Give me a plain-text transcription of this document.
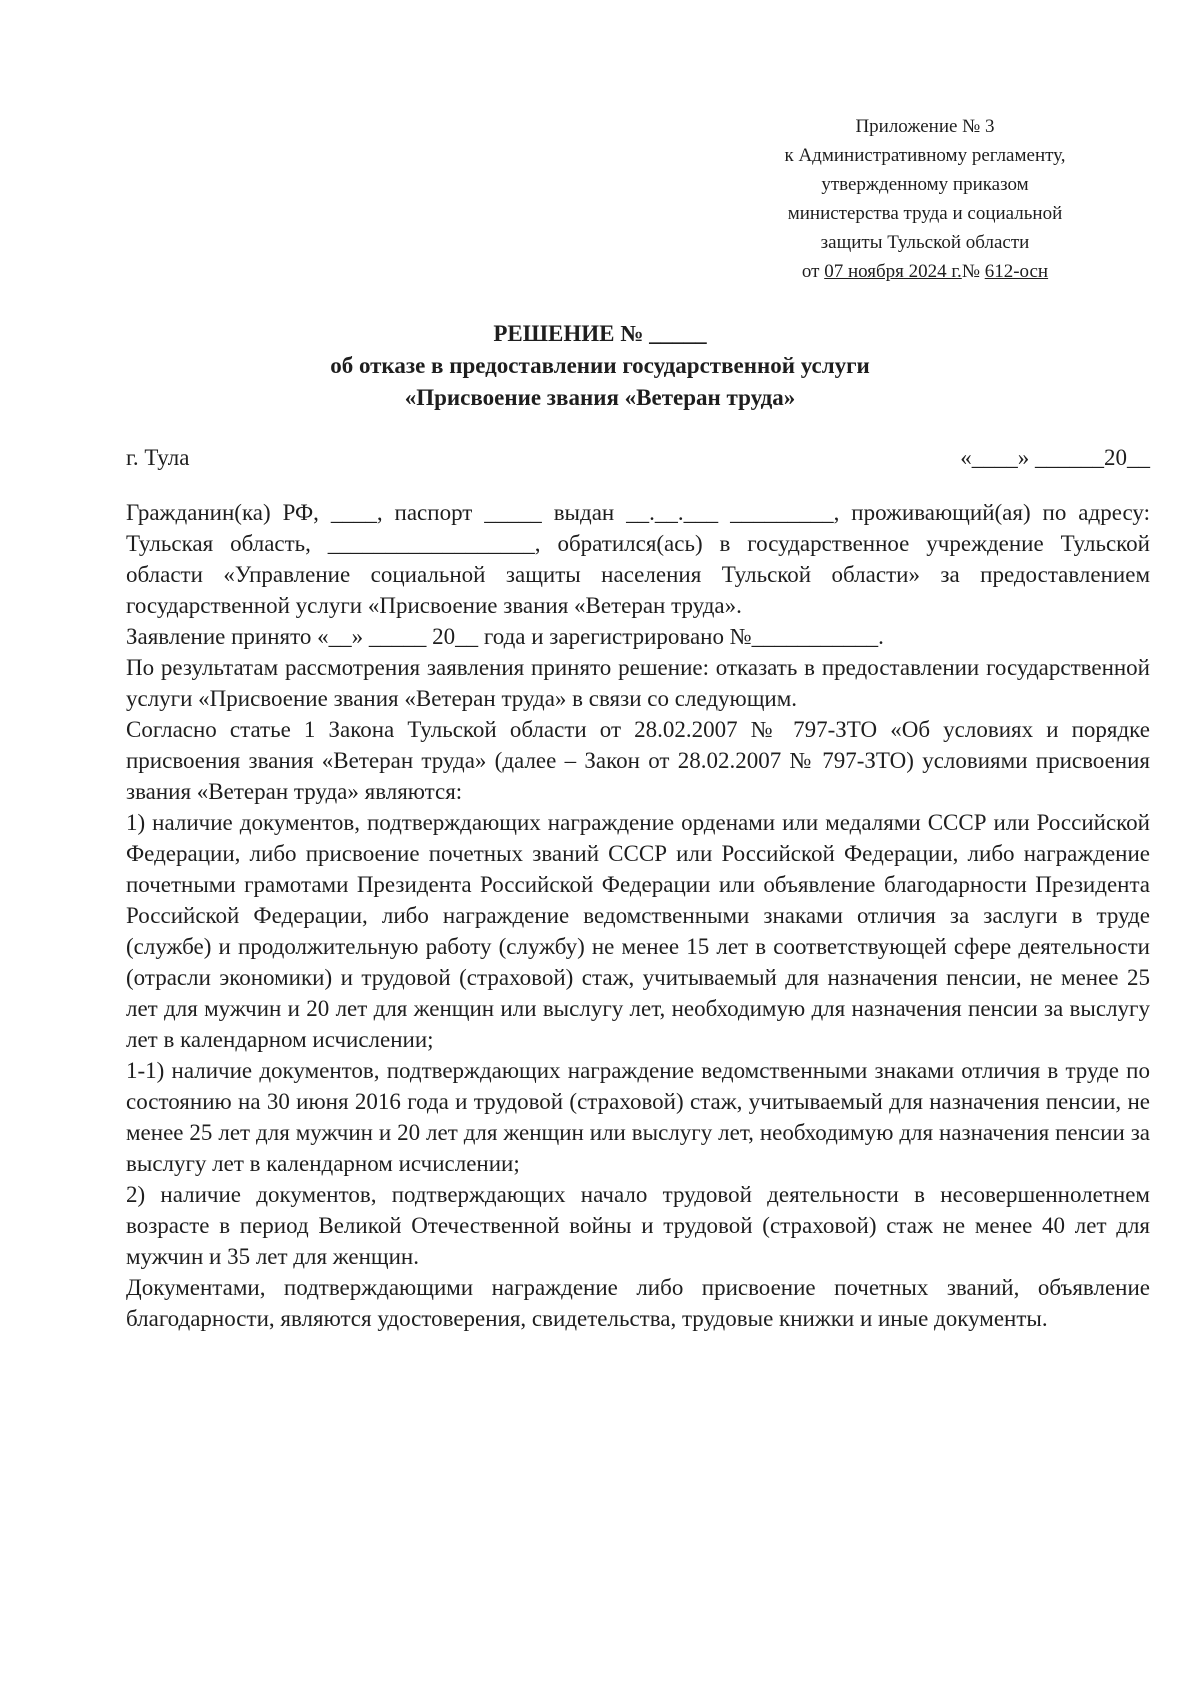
Приложение № 3
к Административному регламенту,
утвержденному приказом
министерства труда и социальной
защиты Тульской области
от 07 ноября 2024 г.№ 612-осн
РЕШЕНИЕ № _____
об отказе в предоставлении государственной услуги
«Присвоение звания «Ветеран труда»
г. Тула	«____» ______20__

Гражданин(ка) РФ, ____, паспорт _____ выдан __.__.___ _________, проживающий(ая) по адресу: Тульская область, __________________, обратился(ась) в государственное учреждение Тульской области «Управление социальной защиты населения Тульской области» за предоставлением государственной услуги «Присвоение звания «Ветеран труда».

Заявление принято «__» _____ 20__ года и зарегистрировано №___________.

По результатам рассмотрения заявления принято решение: отказать в предоставлении государственной услуги «Присвоение звания «Ветеран труда» в связи со следующим.

Согласно статье 1 Закона Тульской области от 28.02.2007 № 797-ЗТО «Об условиях и порядке присвоения звания «Ветеран труда» (далее – Закон от 28.02.2007 № 797-ЗТО) условиями присвоения звания «Ветеран труда» являются:

1) наличие документов, подтверждающих награждение орденами или медалями СССР или Российской Федерации, либо присвоение почетных званий СССР или Российской Федерации, либо награждение почетными грамотами Президента Российской Федерации или объявление благодарности Президента Российской Федерации, либо награждение ведомственными знаками отличия за заслуги в труде (службе) и продолжительную работу (службу) не менее 15 лет в соответствующей сфере деятельности (отрасли экономики) и трудовой (страховой) стаж, учитываемый для назначения пенсии, не менее 25 лет для мужчин и 20 лет для женщин или выслугу лет, необходимую для назначения пенсии за выслугу лет в календарном исчислении;

1-1) наличие документов, подтверждающих награждение ведомственными знаками отличия в труде по состоянию на 30 июня 2016 года и трудовой (страховой) стаж, учитываемый для назначения пенсии, не менее 25 лет для мужчин и 20 лет для женщин или выслугу лет, необходимую для назначения пенсии за выслугу лет в календарном исчислении;

2) наличие документов, подтверждающих начало трудовой деятельности в несовершеннолетнем возрасте в период Великой Отечественной войны и трудовой (страховой) стаж не менее 40 лет для мужчин и 35 лет для женщин.

Документами, подтверждающими награждение либо присвоение почетных званий, объявление благодарности, являются удостоверения, свидетельства, трудовые книжки и иные документы.
